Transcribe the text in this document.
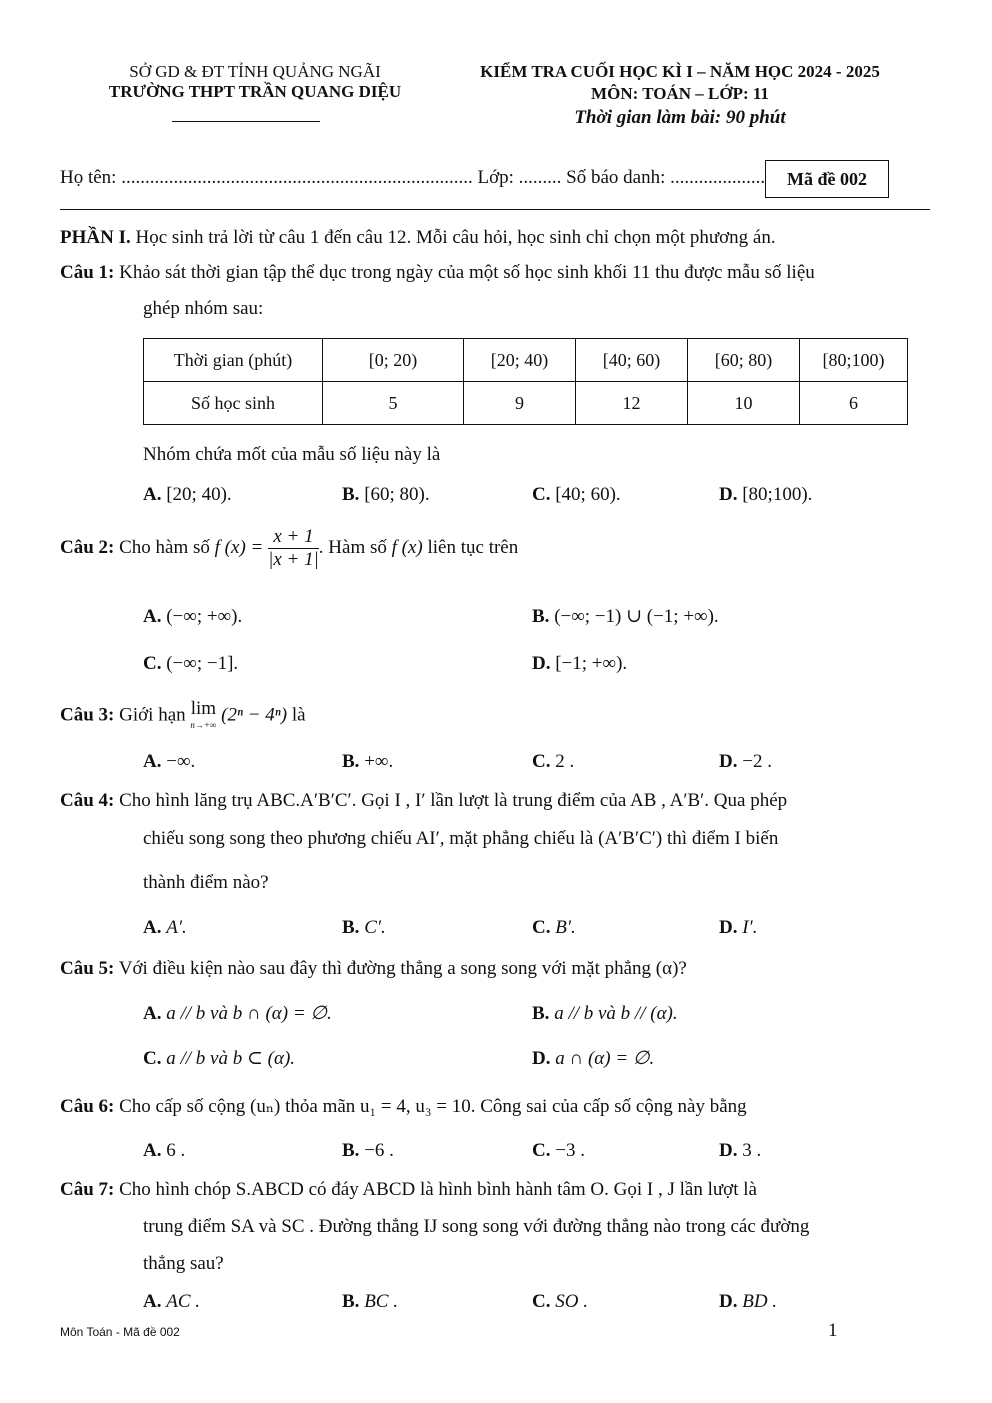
SỞ GD & ĐT TỈNH QUẢNG NGÃI
TRƯỜNG THPT TRẦN QUANG DIỆU
KIỂM TRA CUỐI HỌC KÌ I – NĂM HỌC 2024 - 2025
MÔN: TOÁN – LỚP: 11
Thời gian làm bài: 90 phút
Họ tên: .......................................................................... Lớp: ......... Số báo danh: .................... Mã đề 002
PHẦN I. Học sinh trả lời từ câu 1 đến câu 12. Mỗi câu hỏi, học sinh chỉ chọn một phương án.
Câu 1: Khảo sát thời gian tập thể dục trong ngày của một số học sinh khối 11 thu được mẫu số liệu
ghép nhóm sau:
Thời gian (phút)	[0; 20)	[20; 40)	[40; 60)	[60; 80)	[80;100)
Số học sinh	5	9	12	10	6
Nhóm chứa mốt của mẫu số liệu này là
A. [20; 40).	B. [60; 80).	C. [40; 60).	D. [80;100).
Câu 2: Cho hàm số f $(x) = \frac{x + 1}{|x + 1|}$ . Hàm số f (x) liên tục trên
A. (−∞; +∞).	B. (−∞; −1) ∪ (−1; +∞).
C. (−∞; −1].	D. [−1; +∞).
Câu 3: Giới hạn lim
n→+∞ (2ⁿ − 4ⁿ) là
A. −∞.	B. +∞.	C. 2 .	D. −2 .
Câu 4: Cho hình lăng trụ ABC.A′B′C′. Gọi I , I′ lần lượt là trung điểm của AB , A′B′. Qua phép
chiếu song song theo phương chiếu AI′, mặt phẳng chiếu là (A′B′C′) thì điểm I biến
thành điểm nào?
A. A′.	B. C′.	C. B′.	D. I′.
Câu 5: Với điều kiện nào sau đây thì đường thẳng a song song với mặt phẳng (α)?
A. a // b và b ∩ (α) = ∅.	B. a // b và b // (α).
C. a // b và b ⊂ (α).	D. a ∩ (α) = ∅.
Câu 6: Cho cấp số cộng (uₙ) thỏa mãn u₁ = 4, u₃ = 10. Công sai của cấp số cộng này bằng
A. 6 .	B. −6 .	C. −3 .	D. 3 .
Câu 7: Cho hình chóp S.ABCD có đáy ABCD là hình bình hành tâm O. Gọi I , J lần lượt là
trung điểm SA và SC . Đường thẳng IJ song song với đường thẳng nào trong các đường
thẳng sau?
A. AC .	B. BC .	C. SO .	D. BD .
Môn Toán - Mã đề 002	1
